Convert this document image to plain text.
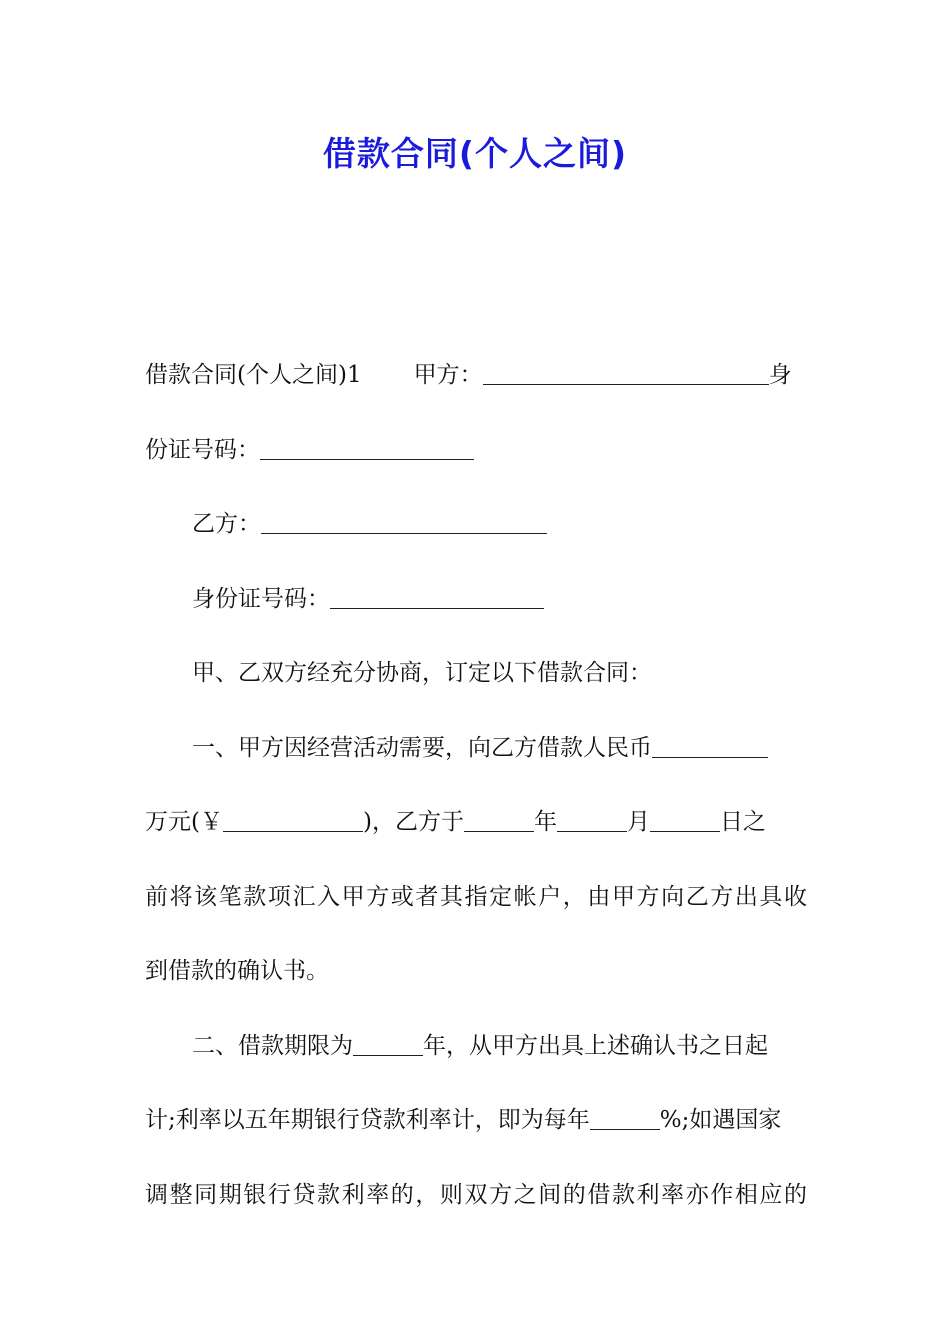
借款合同(个人之间)
借款合同(个人之间)1 甲方：	身
份证号码：
乙方：
身份证号码：
甲、乙双方经充分协商，订定以下借款合同：
一、甲方因经营活动需要，向乙方借款人民币
万元(￥	)，乙方于	年	月	日之
前将该笔款项汇入甲方或者其指定帐户，由甲方向乙方出具收
到借款的确认书。
二、借款期限为	年，从甲方出具上述确认书之日起
计;利率以五年期银行贷款利率计，即为每年	%;如遇国家
调整同期银行贷款利率的，则双方之间的借款利率亦作相应的
